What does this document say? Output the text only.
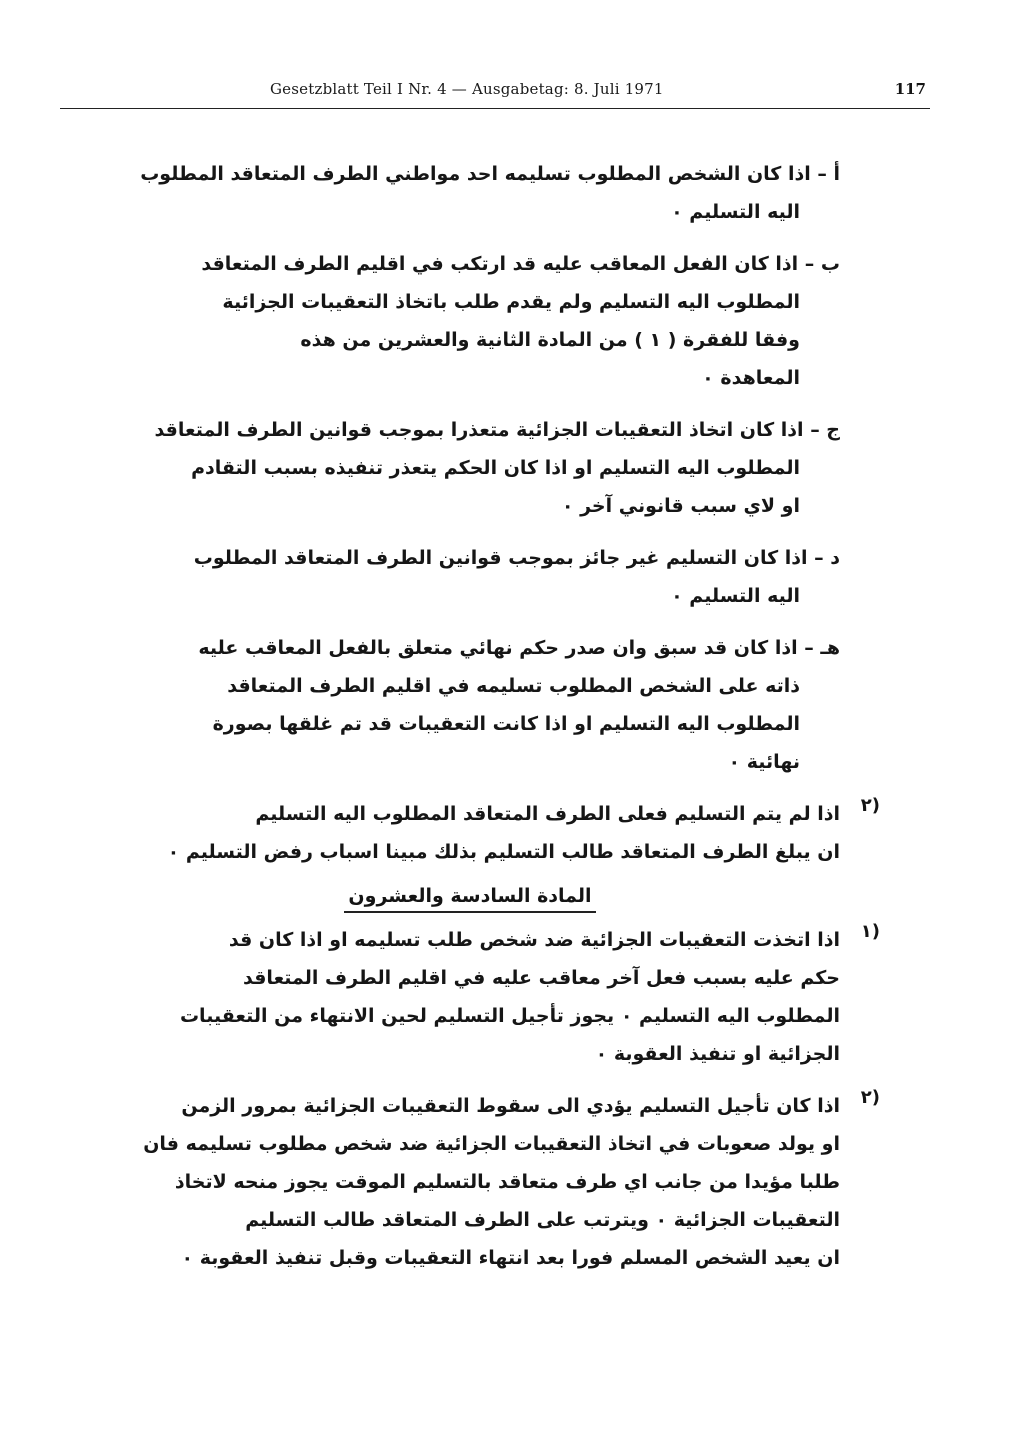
Gesetzblatt Teil I Nr. 4 — Ausgabetag: 8. Juli 1971	117
أ – اذا كان الشخص المطلوب تسليمه احد مواطني الطرف المتعاقد المطلوب
اليه التسليم ٠
ب – اذا كان الفعل المعاقب عليه قد ارتكب في اقليم الطرف المتعاقد
المطلوب اليه التسليم ولم يقدم طلب باتخاذ التعقيبات الجزائية
وفقا للفقرة ( ١ ) من المادة الثانية والعشرين من هذه
المعاهدة ٠
ج – اذا كان اتخاذ التعقيبات الجزائية متعذرا بموجب قوانين الطرف المتعاقد
المطلوب اليه التسليم او اذا كان الحكم يتعذر تنفيذه بسبب التقادم
او لاي سبب قانوني آخر ٠
د – اذا كان التسليم غير جائز بموجب قوانين الطرف المتعاقد المطلوب
اليه التسليم ٠
هـ – اذا كان قد سبق وان صدر حكم نهائي متعلق بالفعل المعاقب عليه
ذاته على الشخص المطلوب تسليمه في اقليم الطرف المتعاقد
المطلوب اليه التسليم او اذا كانت التعقيبات قد تم غلقها بصورة
نهائية ٠
٢)
اذا لم يتم التسليم فعلى الطرف المتعاقد المطلوب اليه التسليم
ان يبلغ الطرف المتعاقد طالب التسليم بذلك مبينا اسباب رفض التسليم ٠
المادة السادسة والعشرون
١)
اذا اتخذت التعقيبات الجزائية ضد شخص طلب تسليمه او اذا كان قد
حكم عليه بسبب فعل آخر معاقب عليه في اقليم الطرف المتعاقد
المطلوب اليه التسليم ٠ يجوز تأجيل التسليم لحين الانتهاء من التعقيبات
الجزائية او تنفيذ العقوبة ٠
٢)
اذا كان تأجيل التسليم يؤدي الى سقوط التعقيبات الجزائية بمرور الزمن
او يولد صعوبات في اتخاذ التعقيبات الجزائية ضد شخص مطلوب تسليمه فان
طلبا مؤيدا من جانب اي طرف متعاقد بالتسليم الموقت يجوز منحه لاتخاذ
التعقيبات الجزائية ٠ ويترتب على الطرف المتعاقد طالب التسليم
ان يعيد الشخص المسلم فورا بعد انتهاء التعقيبات وقبل تنفيذ العقوبة ٠
